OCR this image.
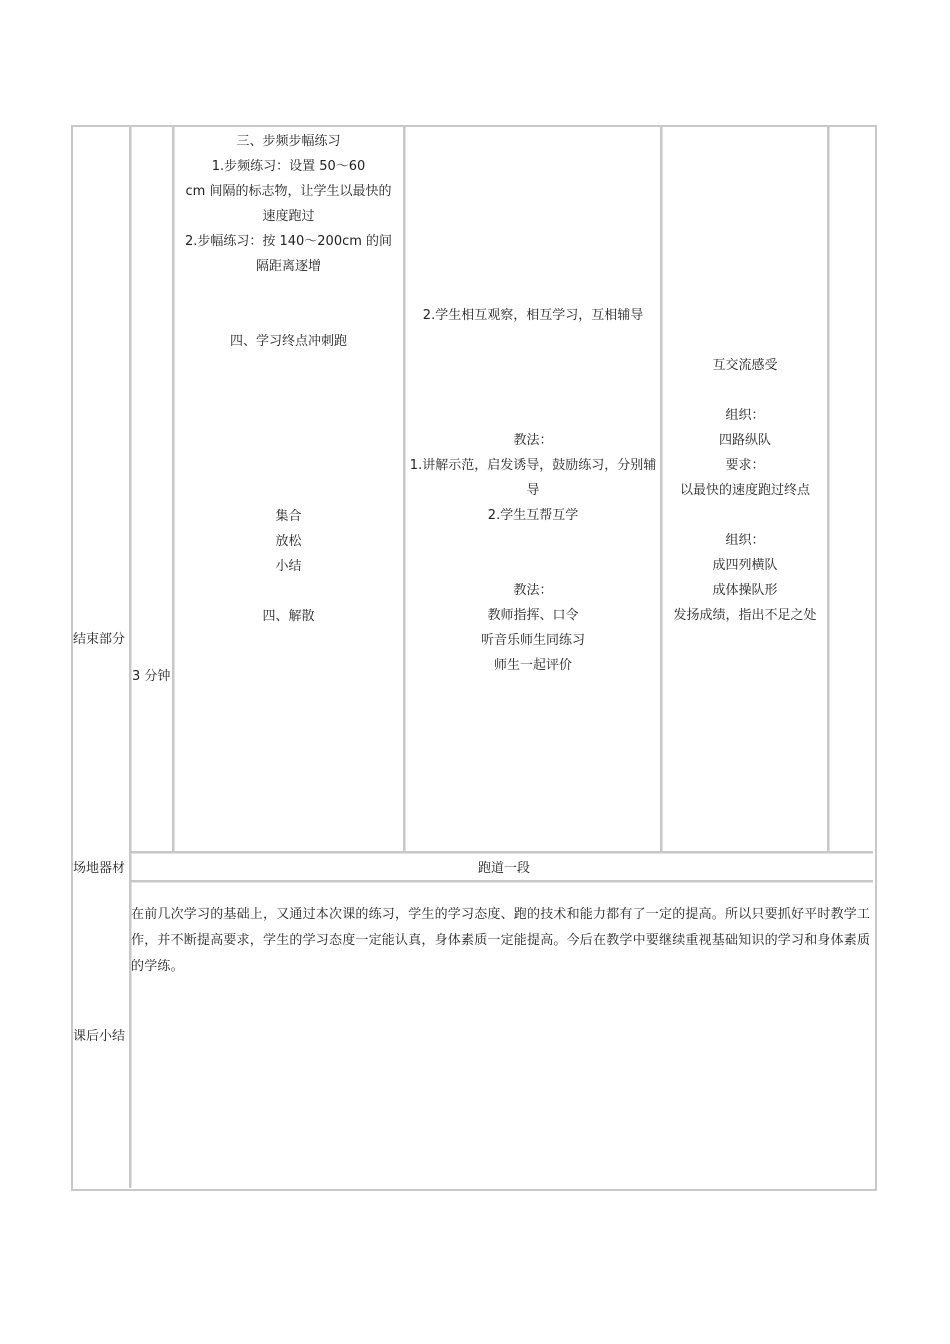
三、步频步幅练习
1.步频练习：设置 50～60
cm 间隔的标志物，让学生以最快的
速度跑过
2.步幅练习：按 140～200cm 的间
隔距离逐增
四、学习终点冲刺跑
集合
放松
小结
四、解散
2.学生相互观察，相互学习，互相辅导
教法：
1.讲解示范，启发诱导，鼓励练习，分别辅
导
2.学生互帮互学
教法：
教师指挥、口令
听音乐师生同练习
师生一起评价
互交流感受
组织：
四路纵队
要求：
以最快的速度跑过终点
组织：
成四列横队
成体操队形
发扬成绩，指出不足之处
结束部分
3 分钟
场地器材	跑道一段
课后小结
在前几次学习的基础上，又通过本次课的练习，学生的学习态度、跑的技术和能力都有了一定的提高。所以只要抓好平时教学工作，并不断提高要求，学生的学习态度一定能认真，身体素质一定能提高。今后在教学中要继续重视基础知识的学习和身体素质的学练。
